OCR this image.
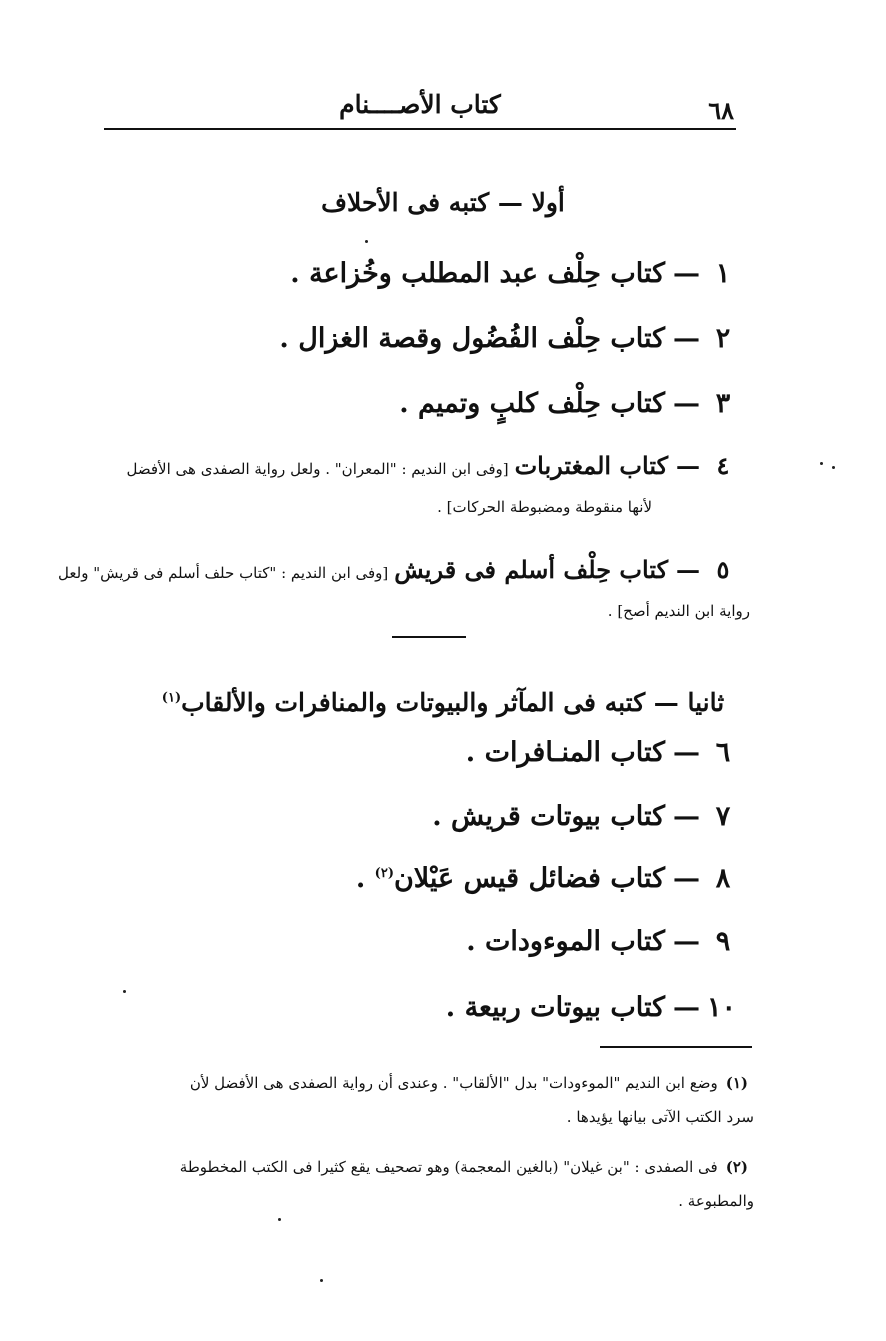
٦٨
كتاب الأصــــنام
أولا — كتبه فى الأحلاف
١—كتاب حِلْف عبد المطلب وخُزاعة .
٢—كتاب حِلْف الفُضُول وقصة الغزال .
٣—كتاب حِلْف كلبٍ وتميم .
٤—كتاب المغتربات [وفى ابن النديم : "المعران" . ولعل رواية الصفدى هى الأفضل
لأنها منقوطة ومضبوطة الحركات] .
٥—كتاب حِلْف أسلم فى قريش [وفى ابن النديم : "كتاب حلف أسلم فى قريش" ولعل
رواية ابن النديم أصح] .
ثانيا — كتبه فى المآثر والبيوتات والمنافرات والألقاب$^{(١)}$
٦—كتاب المنـافرات .
٧—كتاب بيوتات قريش .
٨—كتاب فضائل قيس عَيْلان$^{(٢)}$ .
٩—كتاب الموءودات .
١٠—كتاب بيوتات ربيعة .
(١)وضع ابن النديم "الموءودات" بدل "الألقاب" . وعندى أن رواية الصفدى هى الأفضل لأن
سرد الكتب الآتى بيانها يؤيدها .
(٢)فى الصفدى : "بن غيلان" (بالغين المعجمة) وهو تصحيف يقع كثيرا فى الكتب المخطوطة
والمطبوعة .
